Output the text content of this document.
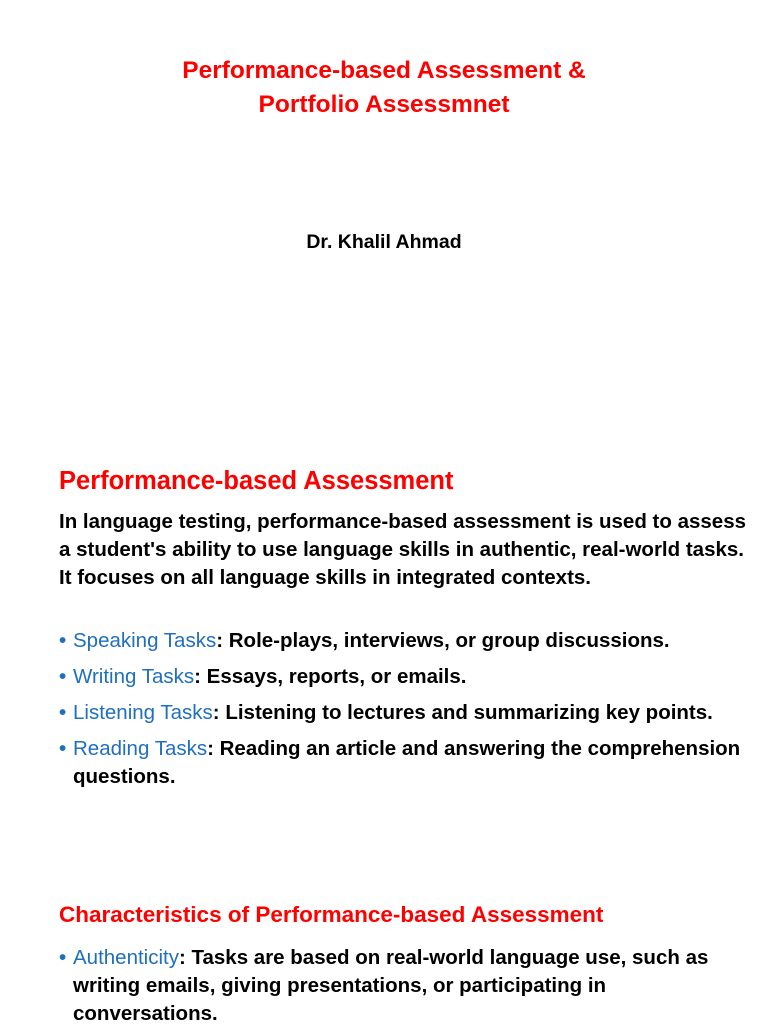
Performance-based Assessment &
Portfolio Assessmnet
Dr. Khalil Ahmad
Performance-based Assessment
In language testing, performance-based assessment is used to assess a student's ability to use language skills in authentic, real-world tasks. It focuses on all language skills in integrated contexts.
• Speaking Tasks: Role-plays, interviews, or group discussions.
• Writing Tasks: Essays, reports, or emails.
• Listening Tasks: Listening to lectures and summarizing key points.
• Reading Tasks: Reading an article and answering the comprehension questions.
Characteristics of Performance-based Assessment
• Authenticity: Tasks are based on real-world language use, such as writing emails, giving presentations, or participating in conversations.
